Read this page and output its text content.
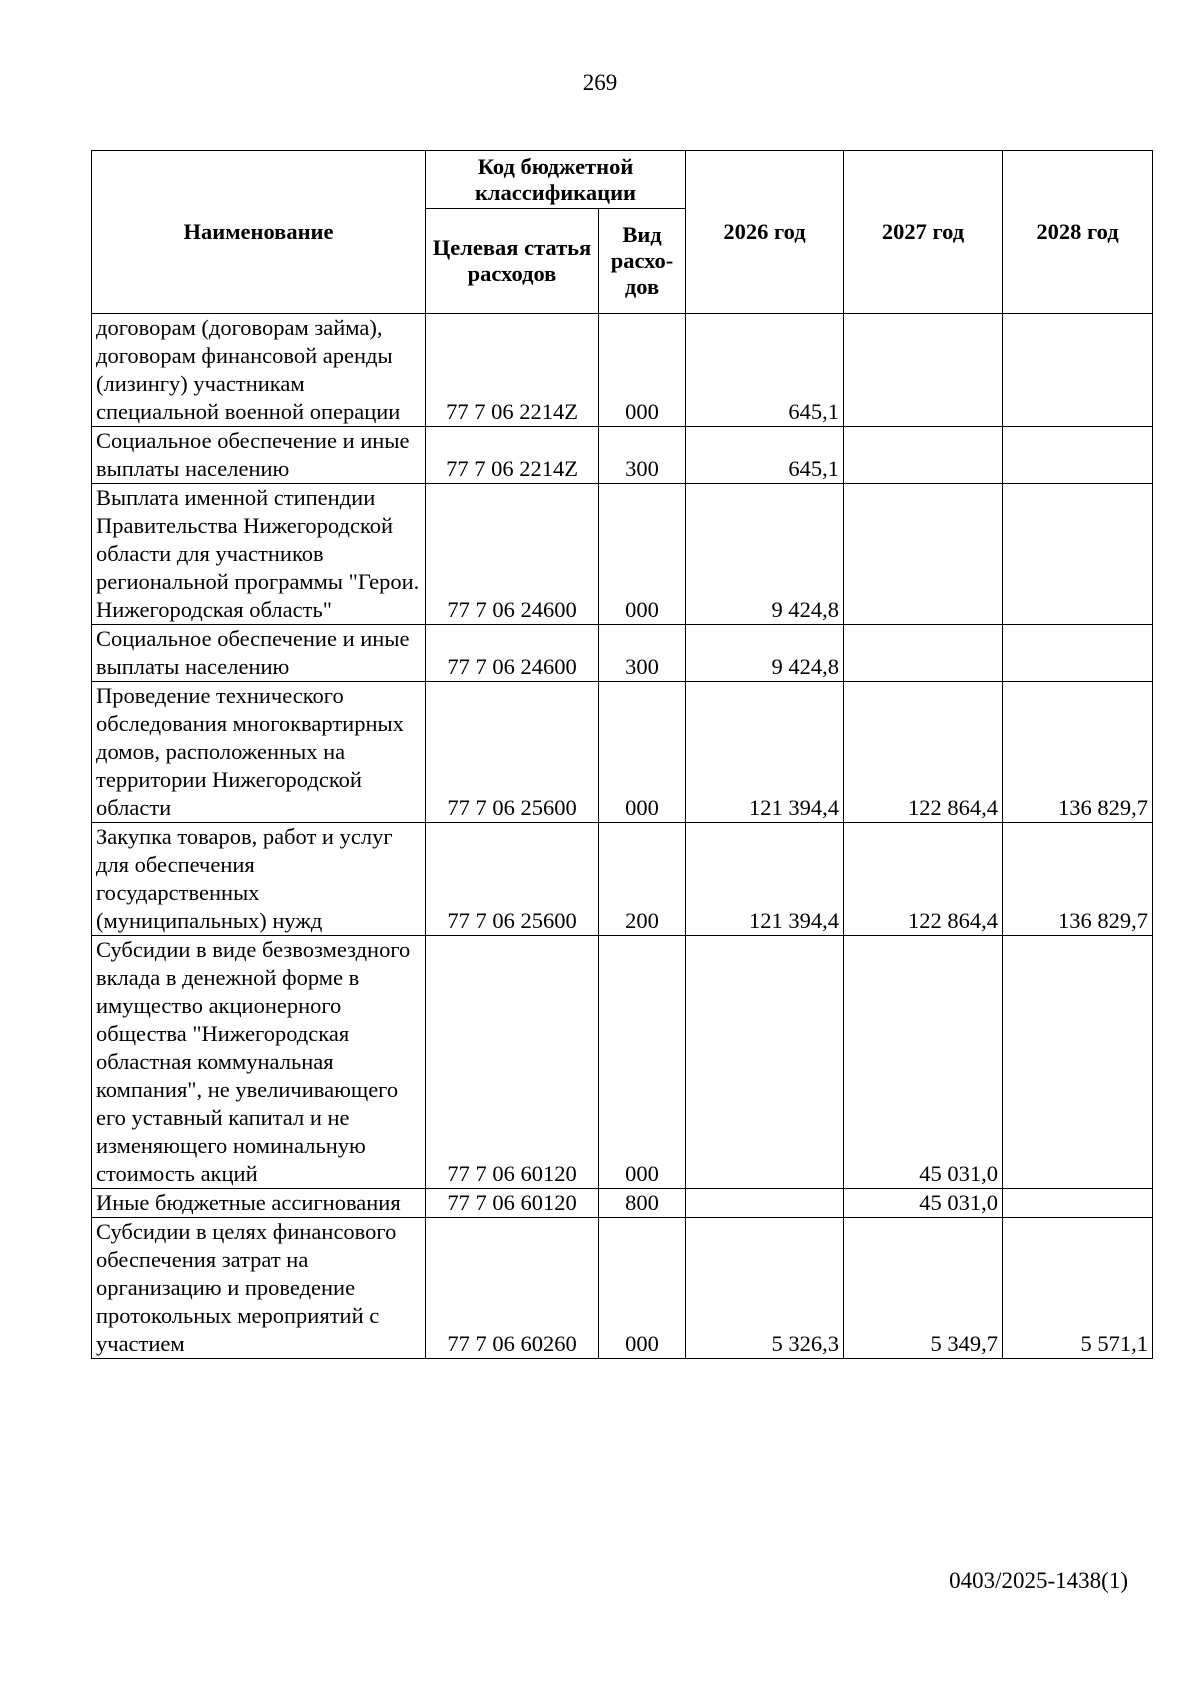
269
Наименование	Код бюджетной классификации		2026 год	2027 год	2028 год
	Целевая статья расходов	Вид расхо-дов			
договорам (договорам займа), договорам финансовой аренды (лизингу) участникам специальной военной операции	77 7 06 2214Z	000	645,1		
Социальное обеспечение и иные выплаты населению	77 7 06 2214Z	300	645,1		
Выплата именной стипендии Правительства Нижегородской области для участников региональной программы "Герои. Нижегородская область"	77 7 06 24600	000	9 424,8		
Социальное обеспечение и иные выплаты населению	77 7 06 24600	300	9 424,8		
Проведение технического обследования многоквартирных домов, расположенных на территории Нижегородской области	77 7 06 25600	000	121 394,4	122 864,4	136 829,7
Закупка товаров, работ и услуг для обеспечения государственных (муниципальных) нужд	77 7 06 25600	200	121 394,4	122 864,4	136 829,7
Субсидии в виде безвозмездного вклада в денежной форме в имущество акционерного общества "Нижегородская областная коммунальная компания", не увеличивающего его уставный капитал и не изменяющего номинальную стоимость акций	77 7 06 60120	000		45 031,0	
Иные бюджетные ассигнования	77 7 06 60120	800		45 031,0	
Субсидии в целях финансового обеспечения затрат на организацию и проведение протокольных мероприятий с участием	77 7 06 60260	000	5 326,3	5 349,7	5 571,1
0403/2025-1438(1)
